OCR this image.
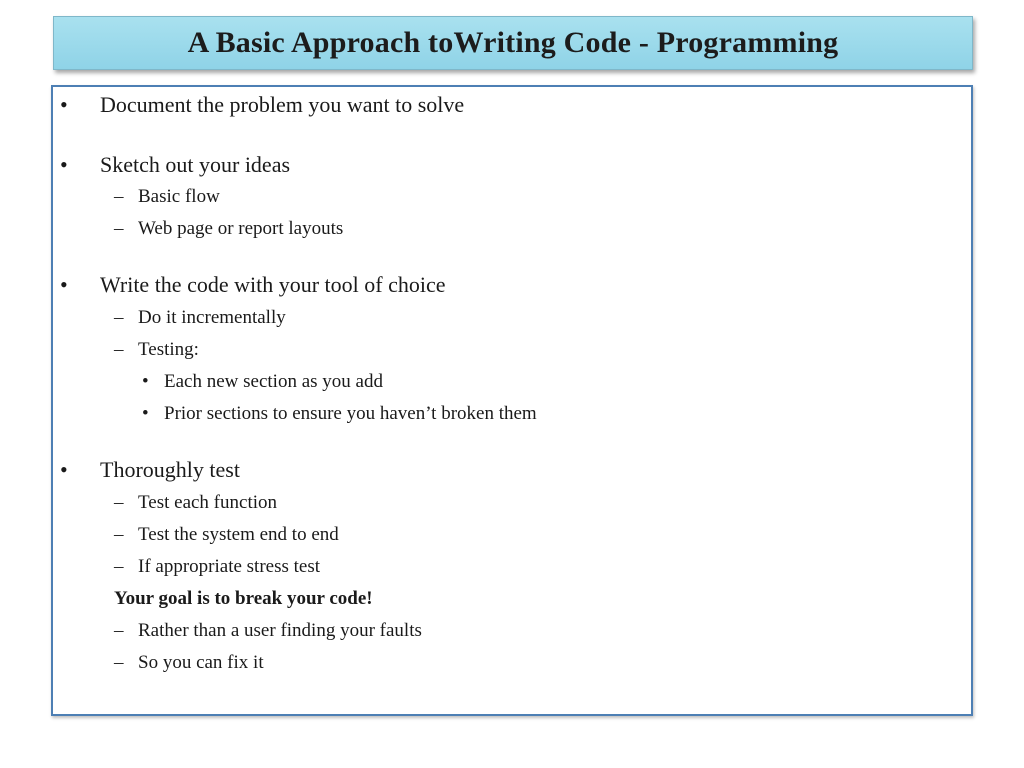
A Basic Approach toWriting Code - Programming
• Document the problem you want to solve
• Sketch out your ideas
– Basic flow
– Web page or report layouts
• Write the code with your tool of choice
– Do it incrementally
– Testing:
• Each new section as you add
• Prior sections to ensure you haven’t broken them
• Thoroughly test
– Test each function
– Test the system end to end
– If appropriate stress test
Your goal is to break your code!
– Rather than a user finding your faults
– So you can fix it
